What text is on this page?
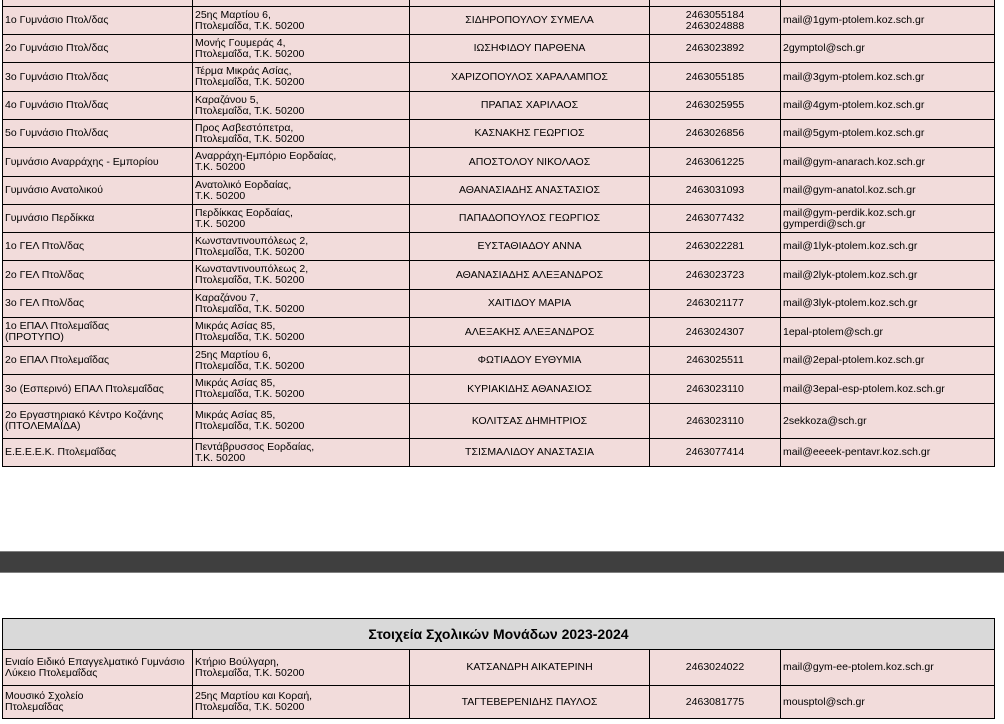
1ο Γυμνάσιο Πτολ/δας	25ης Μαρτίου 6,
Πτολεμαΐδα, Τ.Κ. 50200	ΣΙΔΗΡΟΠΟΥΛΟΥ ΣΥΜΕΛΑ	2463055184
2463024888	mail@1gym-ptolem.koz.sch.gr

2ο Γυμνάσιο Πτολ/δας	Μονής Γουμεράς 4,
Πτολεμαΐδα, Τ.Κ. 50200	ΙΩΣΗΦΙΔΟΥ ΠΑΡΘΕΝΑ	2463023892	2gymptol@sch.gr

3ο Γυμνάσιο Πτολ/δας	Τέρμα Μικράς Ασίας,
Πτολεμαΐδα, Τ.Κ. 50200	ΧΑΡΙΖΟΠΟΥΛΟΣ ΧΑΡΑΛΑΜΠΟΣ	2463055185	mail@3gym-ptolem.koz.sch.gr

4ο Γυμνάσιο Πτολ/δας	Καραζάνου 5,
Πτολεμαΐδα, Τ.Κ. 50200	ΠΡΑΠΑΣ ΧΑΡΙΛΑΟΣ	2463025955	mail@4gym-ptolem.koz.sch.gr

5ο Γυμνάσιο Πτολ/δας	Προς Ασβεστόπετρα,
Πτολεμαΐδα, Τ.Κ. 50200	ΚΑΣΝΑΚΗΣ ΓΕΩΡΓΙΟΣ	2463026856	mail@5gym-ptolem.koz.sch.gr

Γυμνάσιο Αναρράχης - Εμπορίου	Αναρράχη-Εμπόριο Εορδαίας,
Τ.Κ. 50200	ΑΠΟΣΤΟΛΟΥ ΝΙΚΟΛΑΟΣ	2463061225	mail@gym-anarach.koz.sch.gr

Γυμνάσιο Ανατολικού	Ανατολικό Εορδαίας,
Τ.Κ. 50200	ΑΘΑΝΑΣΙΑΔΗΣ ΑΝΑΣΤΑΣΙΟΣ	2463031093	mail@gym-anatol.koz.sch.gr

Γυμνάσιο Περδίκκα	Περδίκκας Εορδαίας,
Τ.Κ. 50200	ΠΑΠΑΔΟΠΟΥΛΟΣ ΓΕΩΡΓΙΟΣ	2463077432	mail@gym-perdik.koz.sch.gr
gymperdi@sch.gr

1ο ΓΕΛ Πτολ/δας	Κωνσταντινουπόλεως 2,
Πτολεμαΐδα, Τ.Κ. 50200	ΕΥΣΤΑΘΙΑΔΟΥ ΑΝΝΑ	2463022281	mail@1lyk-ptolem.koz.sch.gr

2ο ΓΕΛ Πτολ/δας	Κωνσταντινουπόλεως 2,
Πτολεμαΐδα, Τ.Κ. 50200	ΑΘΑΝΑΣΙΑΔΗΣ ΑΛΕΞΑΝΔΡΟΣ	2463023723	mail@2lyk-ptolem.koz.sch.gr

3ο ΓΕΛ Πτολ/δας	Καραζάνου 7,
Πτολεμαΐδα, Τ.Κ. 50200	ΧΑΙΤΙΔΟΥ ΜΑΡΙΑ	2463021177	mail@3lyk-ptolem.koz.sch.gr

1ο ΕΠΑΛ Πτολεμαΐδας
(ΠΡΟΤΥΠΟ)	Μικράς Ασίας 85,
Πτολεμαΐδα, Τ.Κ. 50200	ΑΛΕΞΑΚΗΣ ΑΛΕΞΑΝΔΡΟΣ	2463024307	1epal-ptolem@sch.gr

2ο ΕΠΑΛ Πτολεμαΐδας	25ης Μαρτίου 6,
Πτολεμαΐδα, Τ.Κ. 50200	ΦΩΤΙΑΔΟΥ ΕΥΘΥΜΙΑ	2463025511	mail@2epal-ptolem.koz.sch.gr

3ο (Εσπερινό) ΕΠΑΛ Πτολεμαΐδας	Μικράς Ασίας 85,
Πτολεμαΐδα, Τ.Κ. 50200	ΚΥΡΙΑΚΙΔΗΣ ΑΘΑΝΑΣΙΟΣ	2463023110	mail@3epal-esp-ptolem.koz.sch.gr

2ο Εργαστηριακό Κέντρο Κοζάνης
(ΠΤΟΛΕΜΑΪΔΑ)	Μικράς Ασίας 85,
Πτολεμαΐδα, Τ.Κ. 50200	ΚΟΛΙΤΣΑΣ ΔΗΜΗΤΡΙΟΣ	2463023110	2sekkoza@sch.gr

Ε.Ε.Ε.Ε.Κ. Πτολεμαΐδας	Πεντάβρυσσος Εορδαίας,
Τ.Κ. 50200	ΤΣΙΣΜΑΛΙΔΟΥ ΑΝΑΣΤΑΣΙΑ	2463077414	mail@eeeek-pentavr.koz.sch.gr
Στοιχεία Σχολικών Μονάδων 2023-2024				

Ενιαίο Ειδικό Επαγγελματικό Γυμνάσιο
Λύκειο Πτολεμαΐδας	Κτήριο Βούλγαρη,
Πτολεμαΐδα, Τ.Κ. 50200	ΚΑΤΣΑΝΔΡΗ ΑΙΚΑΤΕΡΙΝΗ	2463024022	mail@gym-ee-ptolem.koz.sch.gr

Μουσικό Σχολείο
Πτολεμαΐδας	25ης Μαρτίου και Κοραή,
Πτολεμαΐδα, Τ.Κ. 50200	ΤΑΓΤΕΒΕΡΕΝΙΔΗΣ ΠΑΥΛΟΣ	2463081775	mousptol@sch.gr
